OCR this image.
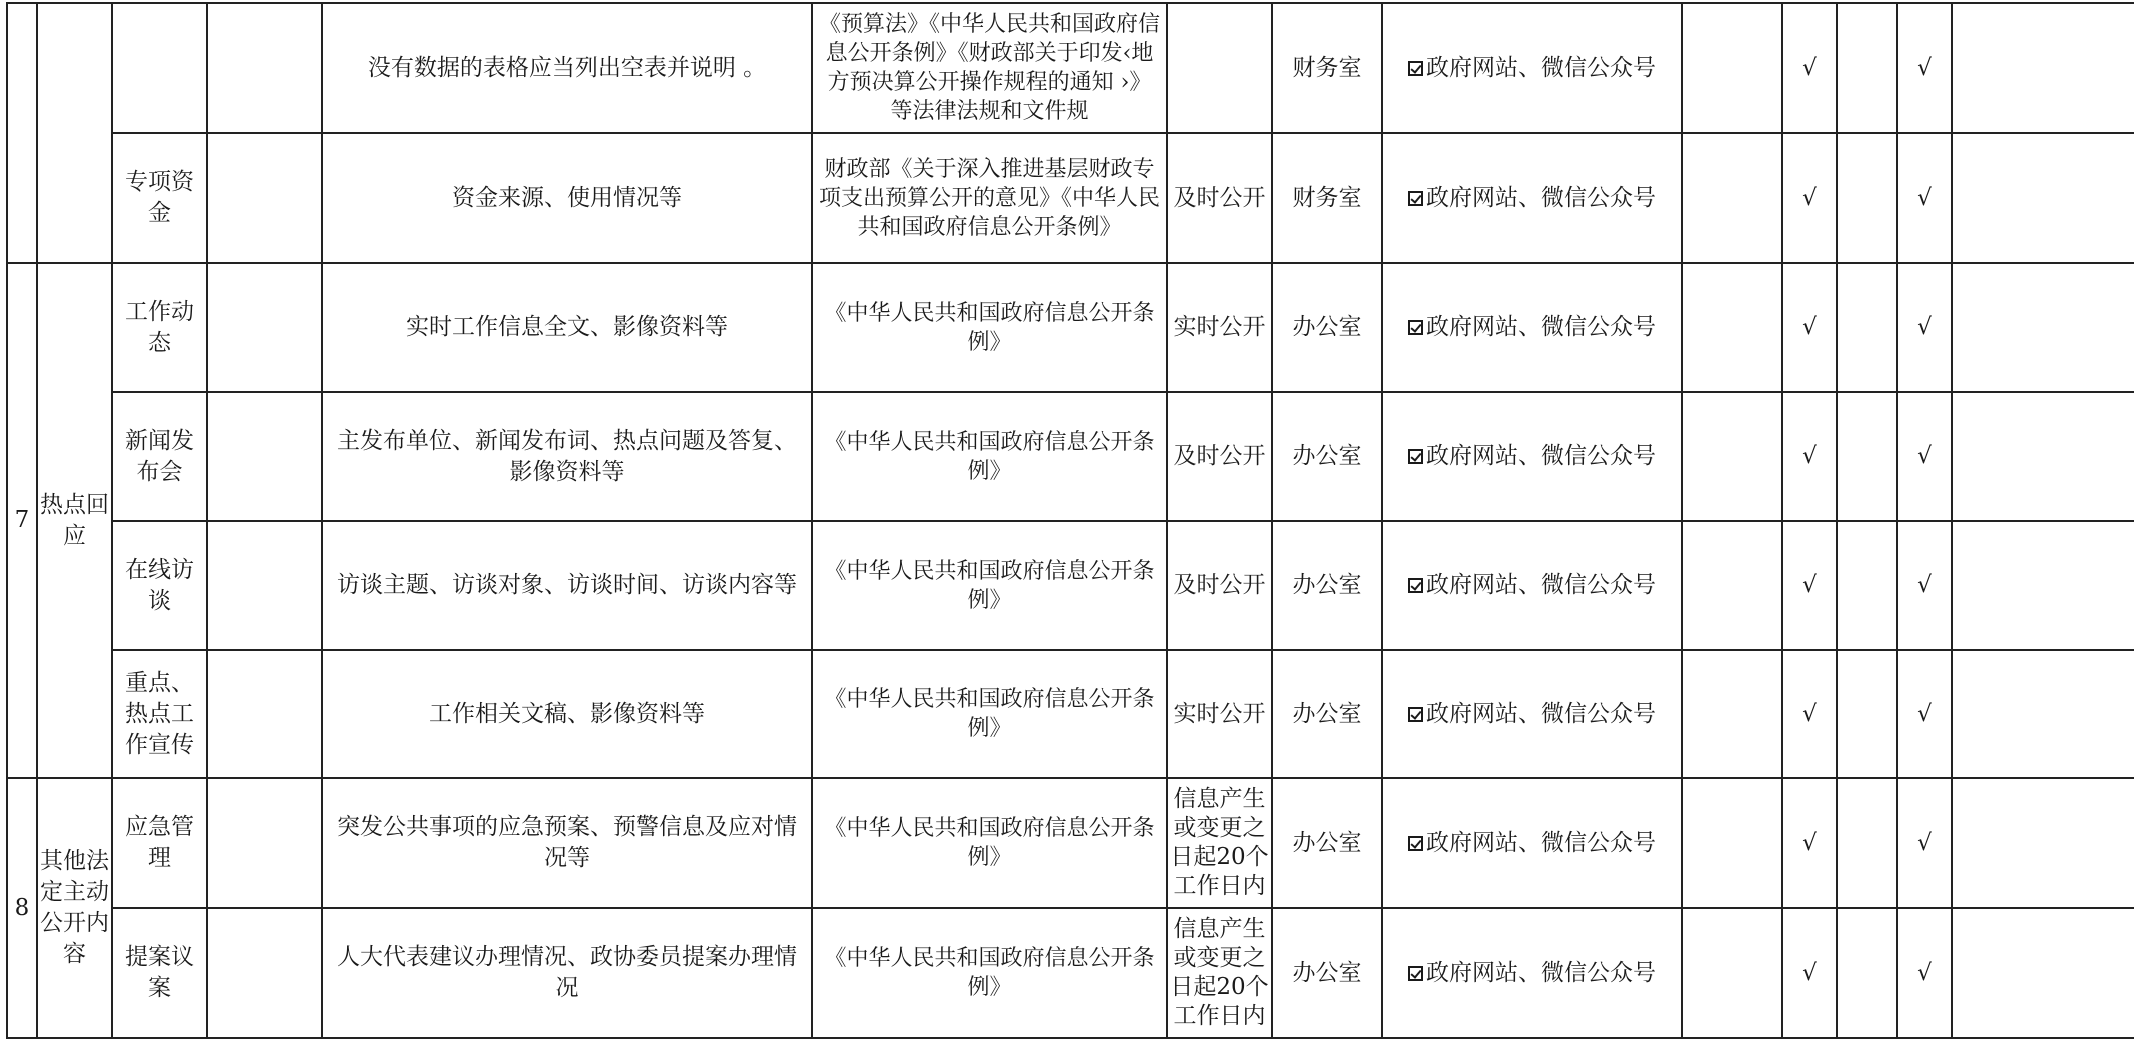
				没有数据的表格应当列出空表并说明 。	《预算法》《中华人民共和国政府信息公开条例》《财政部关于印发‹地方预决算公开操作规程的通知 ›》等法律法规和文件规		财务室	政府网站、微信公众号		√		√	

		专项资金		资金来源、使用情况等	财政部《关于深入推进基层财政专项支出预算公开的意见》《中华人民共和国政府信息公开条例》	及时公开	财务室	政府网站、微信公众号		√		√	

7	热点回应	工作动态		实时工作信息全文、影像资料等	《中华人民共和国政府信息公开条例》	实时公开	办公室	政府网站、微信公众号		√		√	

		新闻发布会		主发布单位、新闻发布词、热点问题及答复、影像资料等	《中华人民共和国政府信息公开条例》	及时公开	办公室	政府网站、微信公众号		√		√	

		在线访谈		访谈主题、访谈对象、访谈时间、访谈内容等	《中华人民共和国政府信息公开条例》	及时公开	办公室	政府网站、微信公众号		√		√	

		重点、热点工作宣传		工作相关文稿、影像资料等	《中华人民共和国政府信息公开条例》	实时公开	办公室	政府网站、微信公众号		√		√	

8	其他法定主动公开内容	应急管理		突发公共事项的应急预案、预警信息及应对情况等	《中华人民共和国政府信息公开条例》	信息产生或变更之日起20个工作日内	办公室	政府网站、微信公众号		√		√	

		提案议案		人大代表建议办理情况、政协委员提案办理情况	《中华人民共和国政府信息公开条例》	信息产生或变更之日起20个工作日内	办公室	政府网站、微信公众号		√		√	
